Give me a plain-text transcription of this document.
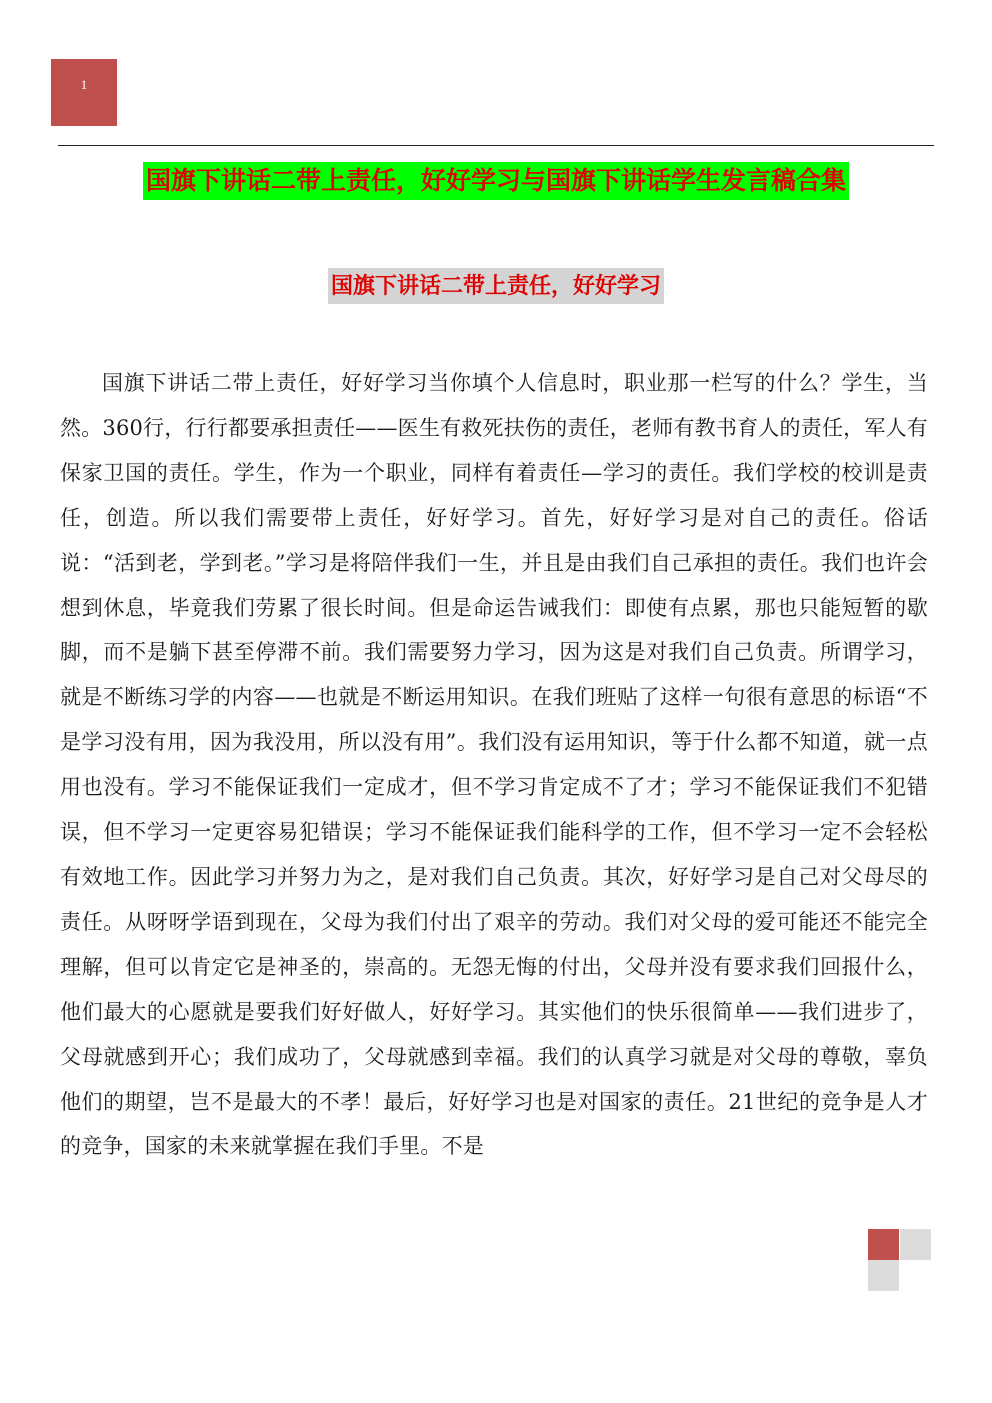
1
国旗下讲话二带上责任，好好学习与国旗下讲话学生发言稿合集
国旗下讲话二带上责任，好好学习
国旗下讲话二带上责任，好好学习当你填个人信息时，职业那一栏写的什么？学生，当然。360行，行行都要承担责任——医生有救死扶伤的责任，老师有教书育人的责任，军人有保家卫国的责任。学生，作为一个职业，同样有着责任—学习的责任。我们学校的校训是责任，创造。所以我们需要带上责任，好好学习。首先，好好学习是对自己的责任。俗话说：“活到老，学到老。”学习是将陪伴我们一生，并且是由我们自己承担的责任。我们也许会想到休息，毕竟我们劳累了很长时间。但是命运告诫我们：即使有点累，那也只能短暂的歇脚，而不是躺下甚至停滞不前。我们需要努力学习，因为这是对我们自己负责。所谓学习，就是不断练习学的内容——也就是不断运用知识。在我们班贴了这样一句很有意思的标语“不是学习没有用，因为我没用，所以没有用”。我们没有运用知识，等于什么都不知道，就一点用也没有。学习不能保证我们一定成才，但不学习肯定成不了才；学习不能保证我们不犯错误，但不学习一定更容易犯错误；学习不能保证我们能科学的工作，但不学习一定不会轻松有效地工作。因此学习并努力为之，是对我们自己负责。其次，好好学习是自己对父母尽的责任。从呀呀学语到现在，父母为我们付出了艰辛的劳动。我们对父母的爱可能还不能完全理解，但可以肯定它是神圣的，崇高的。无怨无悔的付出，父母并没有要求我们回报什么，他们最大的心愿就是要我们好好做人，好好学习。其实他们的快乐很简单——我们进步了， 父母就感到开心；我们成功了，父母就感到幸福。我们的认真学习就是对父母的尊敬，辜负他们的期望，岂不是最大的不孝！最后，好好学习也是对国家的责任。21世纪的竞争是人才的竞争，国家的未来就掌握在我们手里。不是
